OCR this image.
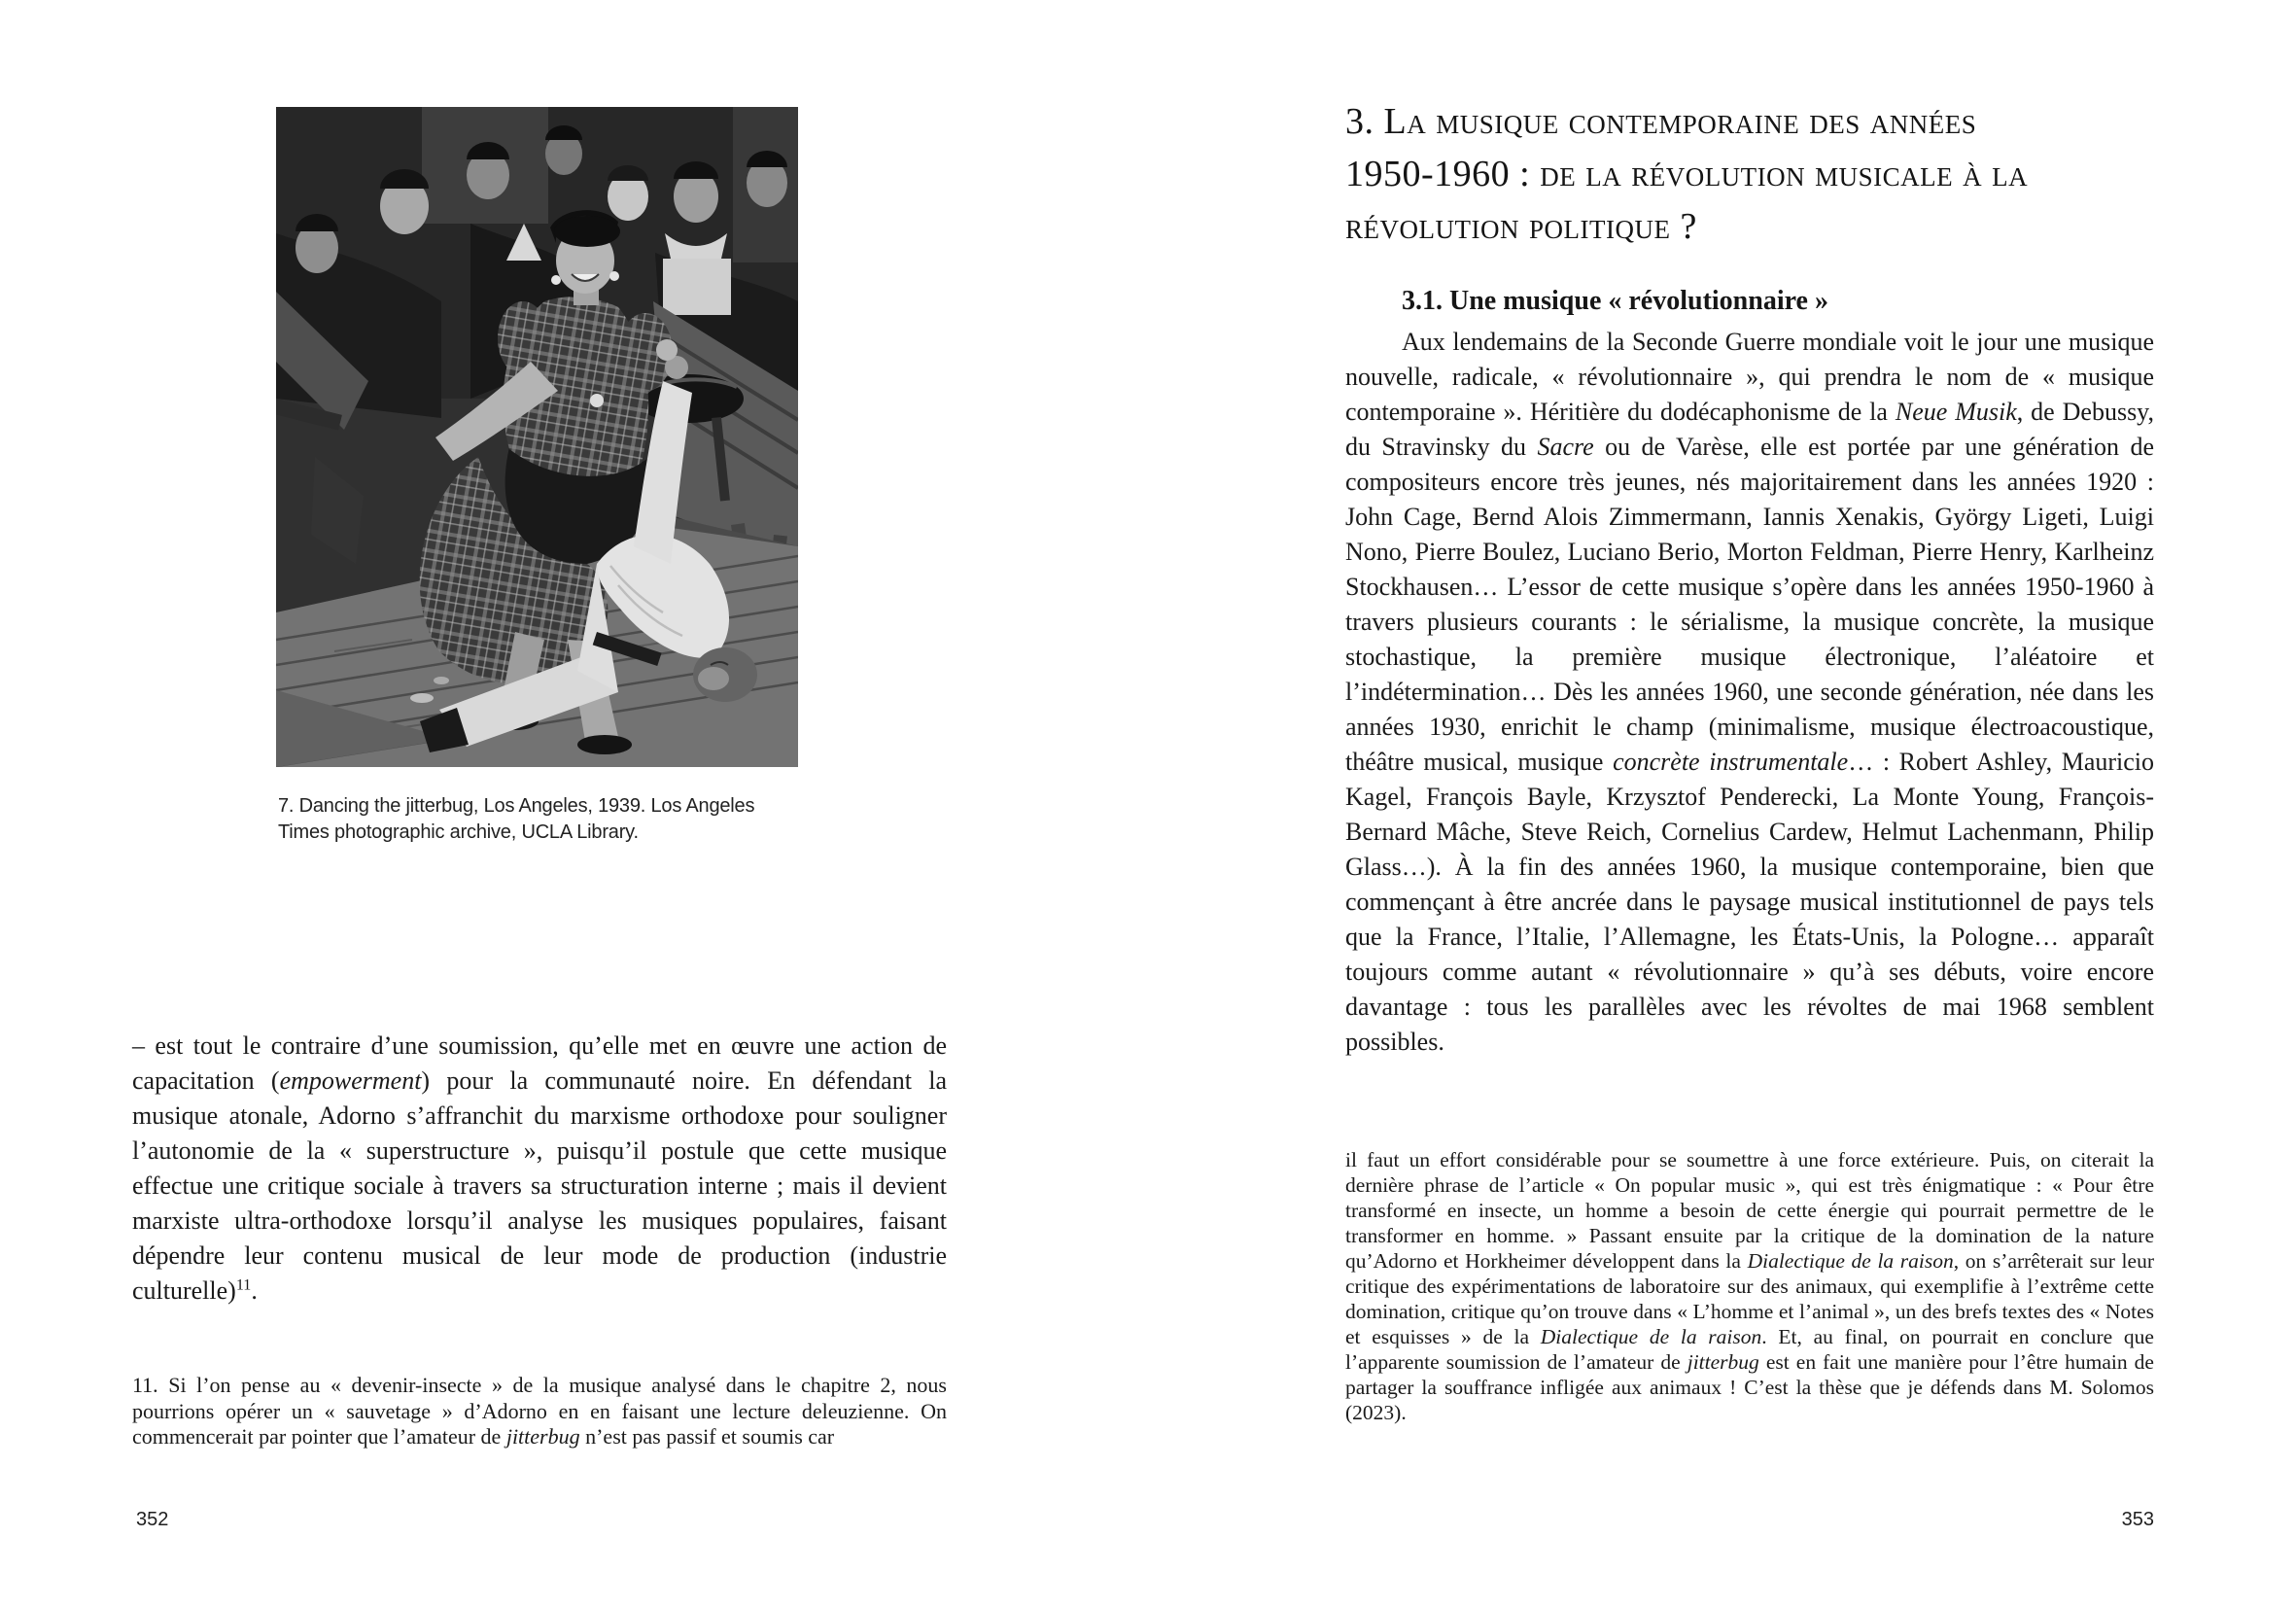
7. Dancing the jitterbug, Los Angeles, 1939. Los Angeles Times photographic archive, UCLA Library.

– est tout le contraire d’une soumission, qu’elle met en œuvre une action de capacitation (empowerment) pour la communauté noire. En défendant la musique atonale, Adorno s’affranchit du marxisme orthodoxe pour souligner l’autonomie de la « superstructure », puisqu’il postule que cette musique effectue une critique sociale à travers sa structuration interne ; mais il devient marxiste ultra-orthodoxe lorsqu’il analyse les musiques populaires, faisant dépendre leur contenu musical de leur mode de production (industrie culturelle)$^{11}$.

11. Si l’on pense au « devenir-insecte » de la musique analysé dans le chapitre 2, nous pourrions opérer un « sauvetage » d’Adorno en en faisant une lecture deleuzienne. On commencerait par pointer que l’amateur de jitterbug n’est pas passif et soumis car

352
3. La musique contemporaine des années
1950-1960 : de la révolution musicale à la
révolution politique ?
3.1. Une musique « révolutionnaire »

Aux lendemains de la Seconde Guerre mondiale voit le jour une musique nouvelle, radicale, « révolutionnaire », qui prendra le nom de « musique contemporaine ». Héritière du dodécaphonisme de la Neue Musik, de Debussy, du Stravinsky du Sacre ou de Varèse, elle est portée par une génération de compositeurs encore très jeunes, nés majoritairement dans les années 1920 : John Cage, Bernd Alois Zimmermann, Iannis Xenakis, György Ligeti, Luigi Nono, Pierre Boulez, Luciano Berio, Morton Feldman, Pierre Henry, Karlheinz Stockhausen… L’essor de cette musique s’opère dans les années 1950-1960 à travers plusieurs courants : le sérialisme, la musique concrète, la musique stochastique, la première musique électronique, l’aléatoire et l’indétermination… Dès les années 1960, une seconde génération, née dans les années 1930, enrichit le champ (minimalisme, musique électroacoustique, théâtre musical, musique concrète instrumentale… : Robert Ashley, Mauricio Kagel, François Bayle, Krzysztof Penderecki, La Monte Young, François-Bernard Mâche, Steve Reich, Cornelius Cardew, Helmut Lachenmann, Philip Glass…). À la fin des années 1960, la musique contemporaine, bien que commençant à être ancrée dans le paysage musical institutionnel de pays tels que la France, l’Italie, l’Allemagne, les États-Unis, la Pologne… apparaît toujours comme autant « révolutionnaire » qu’à ses débuts, voire encore davantage : tous les parallèles avec les révoltes de mai 1968 semblent possibles.

il faut un effort considérable pour se soumettre à une force extérieure. Puis, on citerait la dernière phrase de l’article « On popular music », qui est très énigmatique : « Pour être transformé en insecte, un homme a besoin de cette énergie qui pourrait permettre de le transformer en homme. » Passant ensuite par la critique de la domination de la nature qu’Adorno et Horkheimer développent dans la Dialectique de la raison, on s’arrêterait sur leur critique des expérimentations de laboratoire sur des animaux, qui exemplifie à l’extrême cette domination, critique qu’on trouve dans « L’homme et l’animal », un des brefs textes des « Notes et esquisses » de la Dialectique de la raison. Et, au final, on pourrait en conclure que l’apparente soumission de l’amateur de jitterbug est en fait une manière pour l’être humain de partager la souffrance infligée aux animaux ! C’est la thèse que je défends dans M. Solomos (2023).

353
